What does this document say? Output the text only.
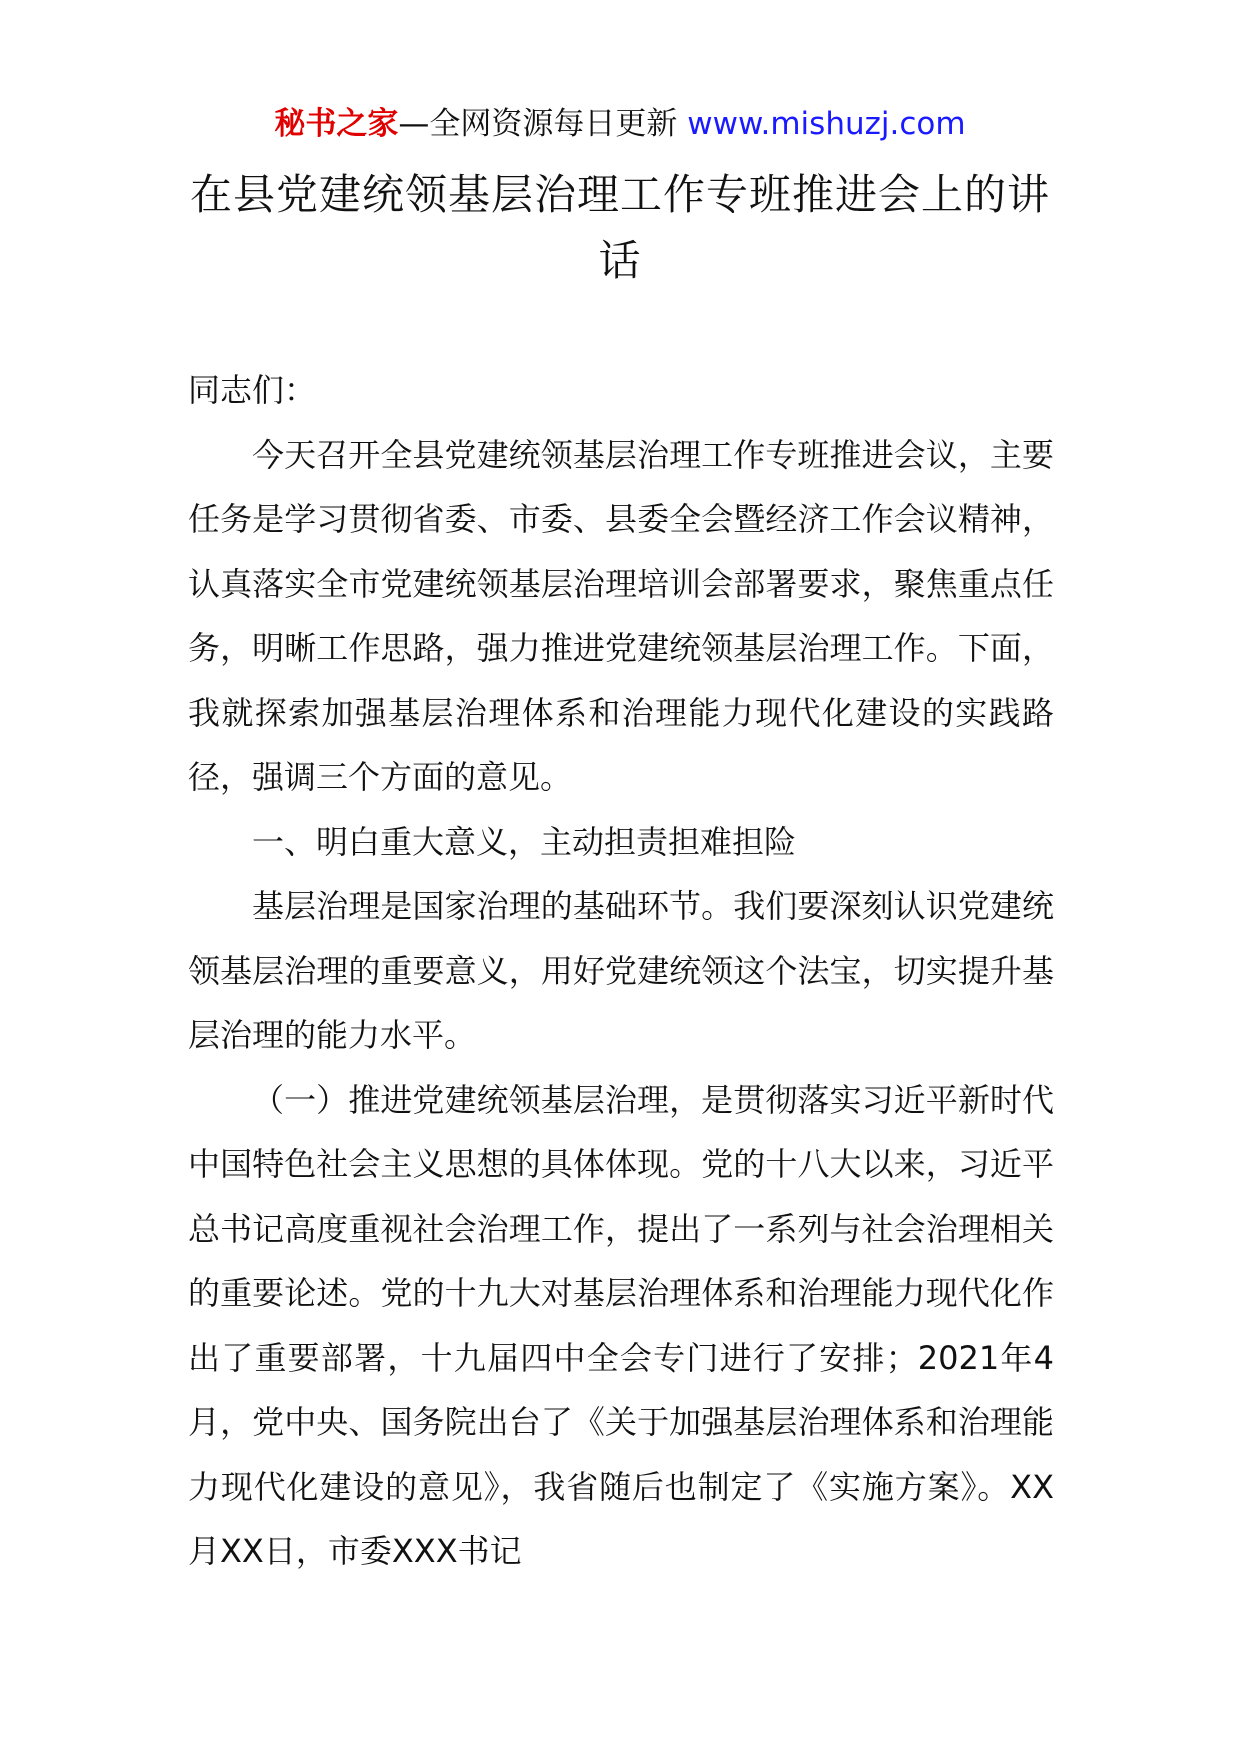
秘书之家—全网资源每日更新 www.mishuzj.com
在县党建统领基层治理工作专班推进会上的讲话

同志们：

今天召开全县党建统领基层治理工作专班推进会议，主要任务是学习贯彻省委、市委、县委全会暨经济工作会议精神，认真落实全市党建统领基层治理培训会部署要求，聚焦重点任务，明晰工作思路，强力推进党建统领基层治理工作。下面，我就探索加强基层治理体系和治理能力现代化建设的实践路径，强调三个方面的意见。

一、明白重大意义，主动担责担难担险

基层治理是国家治理的基础环节。我们要深刻认识党建统领基层治理的重要意义，用好党建统领这个法宝，切实提升基层治理的能力水平。

（一）推进党建统领基层治理，是贯彻落实习近平新时代中国特色社会主义思想的具体体现。党的十八大以来，习近平总书记高度重视社会治理工作，提出了一系列与社会治理相关的重要论述。党的十九大对基层治理体系和治理能力现代化作出了重要部署，十九届四中全会专门进行了安排；2021年4月，党中央、国务院出台了《关于加强基层治理体系和治理能力现代化建设的意见》，我省随后也制定了《实施方案》。XX月XX日，市委XXX书记
